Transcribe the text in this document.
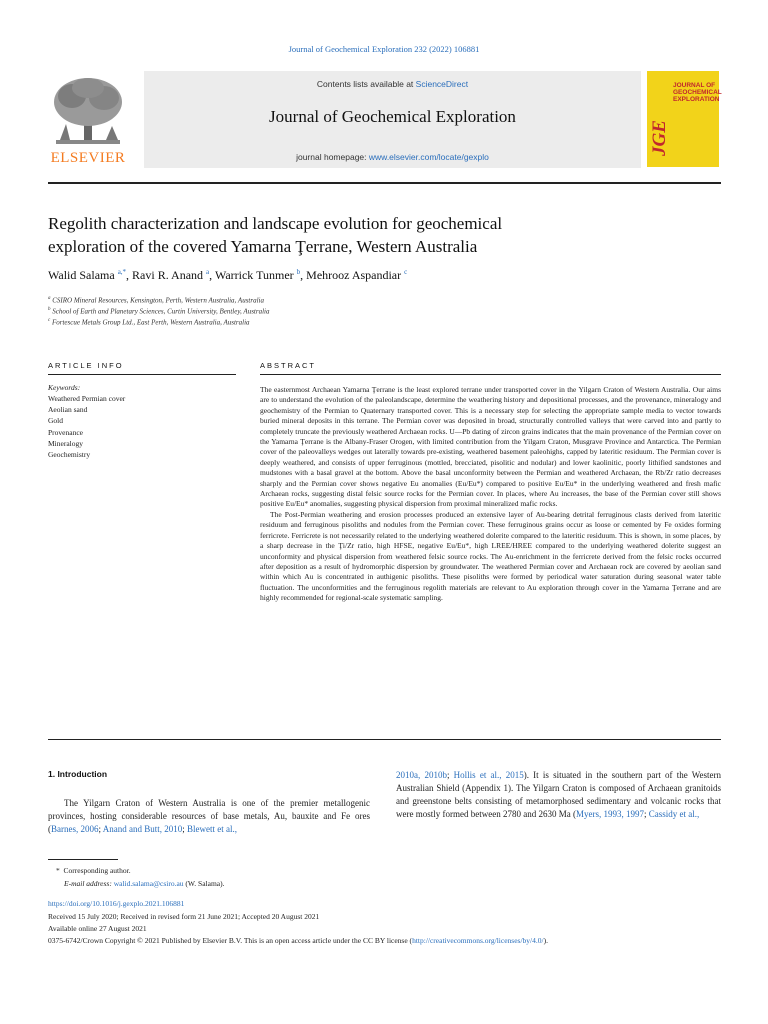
Journal of Geochemical Exploration 232 (2022) 106881
ELSEVIER
Contents lists available at ScienceDirect
Journal of Geochemical Exploration
journal homepage: www.elsevier.com/locate/gexplo
JGE
JOURNAL OF GEOCHEMICAL EXPLORATION
Regolith characterization and landscape evolution for geochemical
exploration of the covered Yamarna Ţerrane, Western Australia
Walid Salama $^{a,*}$, Ravi R. Anand $^a$, Warrick Tunmer $^b$, Mehrooz Aspandiar $^c$
$^a$ CSIRO Mineral Resources, Kensington, Perth, Western Australia, Australia
$^b$ School of Earth and Planetary Sciences, Curtin University, Bentley, Australia
$^c$ Fortescue Metals Group Ltd., East Perth, Western Australia, Australia
ARTICLE INFO
Keywords:
Weathered Permian cover
Aeolian sand
Gold
Provenance
Mineralogy
Geochemistry
ABSTRACT

The easternmost Archaean Yamarna Ţerrane is the least explored terrane under transported cover in the Yilgarn Craton of Western Australia. Our aims are to understand the evolution of the paleolandscape, determine the weathering history and depositional processes, and the provenance, mineralogy and geochemistry of the Permian to Quaternary transported cover. This is a necessary step for selecting the appropriate sample media to vector towards buried mineral deposits in this terrane. The Permian cover was deposited in broad, structurally controlled valleys that were carved into and partly to completely truncate the previously weathered Archaean rocks. U—Pb dating of zircon grains indicates that the main provenance of the Permian cover on the Yamarna Ţerrane is the Albany-Fraser Orogen, with limited contribution from the Yilgarn Craton, Musgrave Province and Antarctica. The Permian cover of the paleovalleys wedges out laterally towards pre-existing, weathered basement paleohighs, capped by lateritic residuum. The Permian cover is deeply weathered, and consists of upper ferruginous (mottled, brecciated, pisolitic and nodular) and lower kaolinitic, poorly lithified sandstones and mudstones with a basal gravel at the bottom. Above the basal unconformity between the Permian and weathered Archaean, the Rb/Zr ratio decreases sharply and the Permian cover shows negative Eu anomalies (Eu/Eu*) compared to positive Eu/Eu* in the underlying weathered and fresh mafic Archaean rocks, suggesting distal felsic source rocks for the Permian cover. In places, where Au increases, the base of the Permian cover still shows positive Eu/Eu* anomalies, suggesting physical dispersion from proximal mineralized mafic rocks.

The Post-Permian weathering and erosion processes produced an extensive layer of Au-bearing detrital ferruginous clasts derived from lateritic residuum and ferruginous pisoliths and nodules from the Permian cover. These ferruginous grains occur as loose or cemented by Fe oxides forming ferricrete. Ferricrete is not necessarily related to the underlying weathered dolerite compared to the lateritic residuum. This is shown, in some places, by a sharp decrease in the Ţi/Zr ratio, high HFSE, negative Eu/Eu*, high LREE/HREE compared to the underlying weathered dolerite suggest an unconformity and physical dispersion from weathered felsic source rocks. The Au-enrichment in the ferricrete derived from the felsic rocks occurred after deposition as a result of hydromorphic dispersion by groundwater. The weathered Permian cover and Archaean rock are covered by aeolian sand within which Au is concentrated in authigenic pisoliths. These pisoliths were formed by periodical water saturation during seasonal water table fluctuation. The unconformities and the ferruginous regolith materials are relevant to Au exploration through cover in the Yamarna Ţerrane and are highly recommended for regional-scale systematic sampling.

1. Introduction

The Yilgarn Craton of Western Australia is one of the premier metallogenic provinces, hosting considerable resources of base metals, Au, bauxite and Fe ores (Barnes, 2006; Anand and Butt, 2010; Blewett et al.,

2010a, 2010b; Hollis et al., 2015). It is situated in the southern part of the Western Australian Shield (Appendix 1). The Yilgarn Craton is composed of Archaean granitoids and greenstone belts consisting of metamorphosed sedimentary and volcanic rocks that were mostly formed between 2780 and 2630 Ma (Myers, 1993, 1997; Cassidy et al.,

* Corresponding author.
E-mail address: walid.salama@csiro.au (W. Salama).
https://doi.org/10.1016/j.gexplo.2021.106881
Received 15 July 2020; Received in revised form 21 June 2021; Accepted 20 August 2021
Available online 27 August 2021
0375-6742/Crown Copyright © 2021 Published by Elsevier B.V. This is an open access article under the CC BY license (http://creativecommons.org/licenses/by/4.0/).
